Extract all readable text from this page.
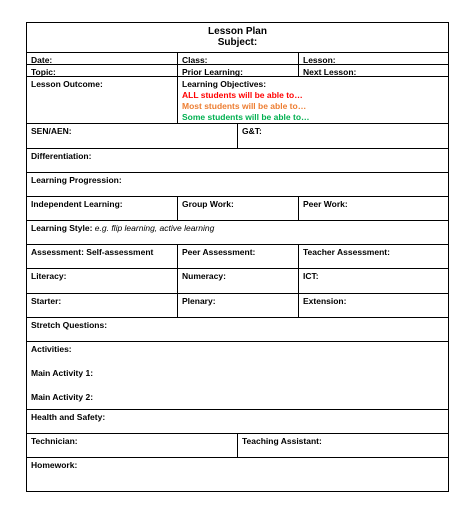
Lesson Plan
Subject:
Date:	Class:	Lesson:
Topic:	Prior Learning:	Next Lesson:
Lesson Outcome:	Learning Objectives:
ALL students will be able to…
Most students will be able to…
Some students will be able to…
SEN/AEN:	G&T:
Differentiation:
Learning Progression:
Independent Learning:	Group Work:	Peer Work:
Learning Style: e.g. flip learning, active learning
Assessment: Self-assessment	Peer Assessment:	Teacher Assessment:
Literacy:	Numeracy:	ICT:
Starter:	Plenary:	Extension:
Stretch Questions:
Activities:
Main Activity 1:
Main Activity 2:
Health and Safety:
Technician:	Teaching Assistant:
Homework:
